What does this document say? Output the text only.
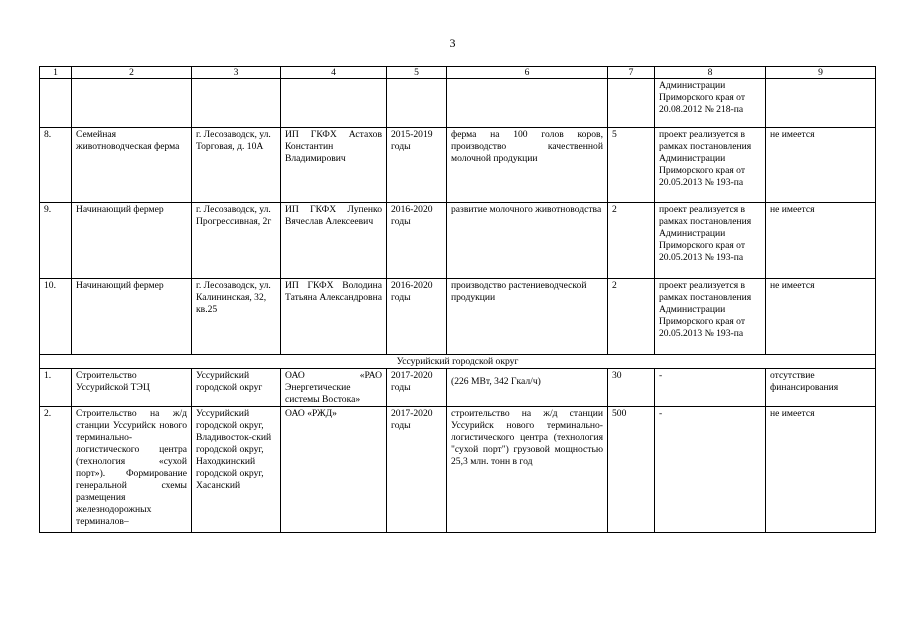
3
1	2	3	4	5	6	7	8	9
							Администрации Приморского края от 20.08.2012 № 218-па	
8.	Семейная животноводческая ферма	г. Лесозаводск, ул. Торговая, д. 10А	ИП ГКФХ Астахов Константин Владимирович	2015-2019 годы	ферма на 100 голов коров, производство качественной молочной продукции	5	проект реализуется в рамках постановления Администрации Приморского края от 20.05.2013 № 193-па	не имеется
9.	Начинающий фермер	г. Лесозаводск, ул. Прогрессивная, 2г	ИП ГКФХ Лупенко Вячеслав Алексеевич	2016-2020 годы	развитие молочного животноводства	2	проект реализуется в рамках постановления Администрации Приморского края от 20.05.2013 № 193-па	не имеется
10.	Начинающий фермер	г. Лесозаводск, ул. Калининская, 32, кв.25	ИП ГКФХ Володина Татьяна Александровна	2016-2020 годы	производство растениеводческой продукции	2	проект реализуется в рамках постановления Администрации Приморского края от 20.05.2013 № 193-па	не имеется
Уссурийский городской округ								
1.	Строительство Уссурийской ТЭЦ	Уссурийский городской округ	ОАО «РАО Энергетические системы Востока»	2017-2020 годы	(226 МВт, 342 Гкал/ч)	30	-	отсутствие финансирования
2.	Строительство на ж/д станции Уссурийск нового терминально-логистического центра (технология «сухой порт»). Формирование генеральной схемы размещения железнодорожных терминалов–	Уссурийский городской округ, Владивосток-ский городской округ, Находкинский городской округ, Хасанский	ОАО «РЖД»	2017-2020 годы	строительство на ж/д станции Уссурийск нового терминально-логистического центра (технология "сухой порт") грузовой мощностью 25,3 млн. тонн в год	500	-	не имеется
